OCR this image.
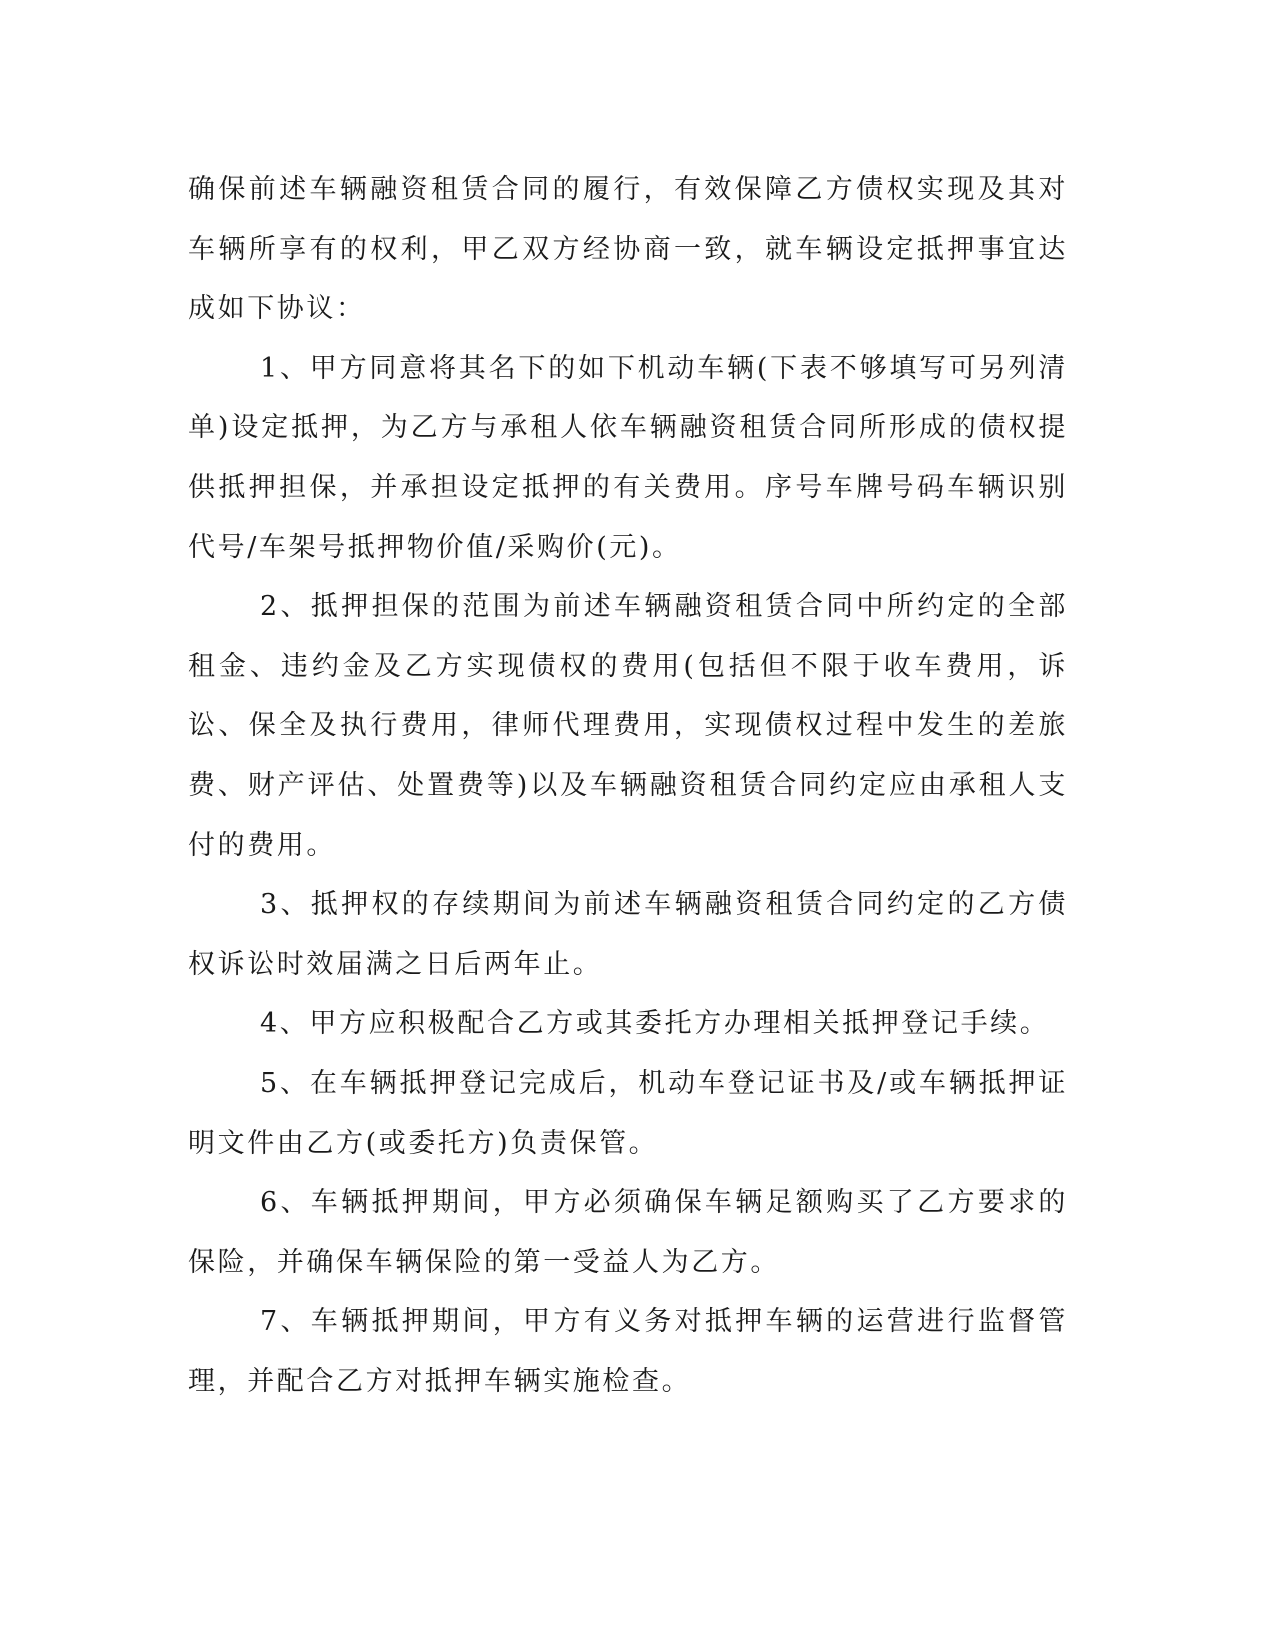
确保前述车辆融资租赁合同的履行，有效保障乙方债权实现及其对车辆所享有的权利，甲乙双方经协商一致，就车辆设定抵押事宜达成如下协议：

1、甲方同意将其名下的如下机动车辆(下表不够填写可另列清单)设定抵押，为乙方与承租人依车辆融资租赁合同所形成的债权提供抵押担保，并承担设定抵押的有关费用。序号车牌号码车辆识别代号/车架号抵押物价值/采购价(元)。

2、抵押担保的范围为前述车辆融资租赁合同中所约定的全部租金、违约金及乙方实现债权的费用(包括但不限于收车费用，诉讼、保全及执行费用，律师代理费用，实现债权过程中发生的差旅费、财产评估、处置费等)以及车辆融资租赁合同约定应由承租人支付的费用。

3、抵押权的存续期间为前述车辆融资租赁合同约定的乙方债权诉讼时效届满之日后两年止。

4、甲方应积极配合乙方或其委托方办理相关抵押登记手续。

5、在车辆抵押登记完成后，机动车登记证书及/或车辆抵押证明文件由乙方(或委托方)负责保管。

6、车辆抵押期间，甲方必须确保车辆足额购买了乙方要求的保险，并确保车辆保险的第一受益人为乙方。

7、车辆抵押期间，甲方有义务对抵押车辆的运营进行监督管理，并配合乙方对抵押车辆实施检查。
